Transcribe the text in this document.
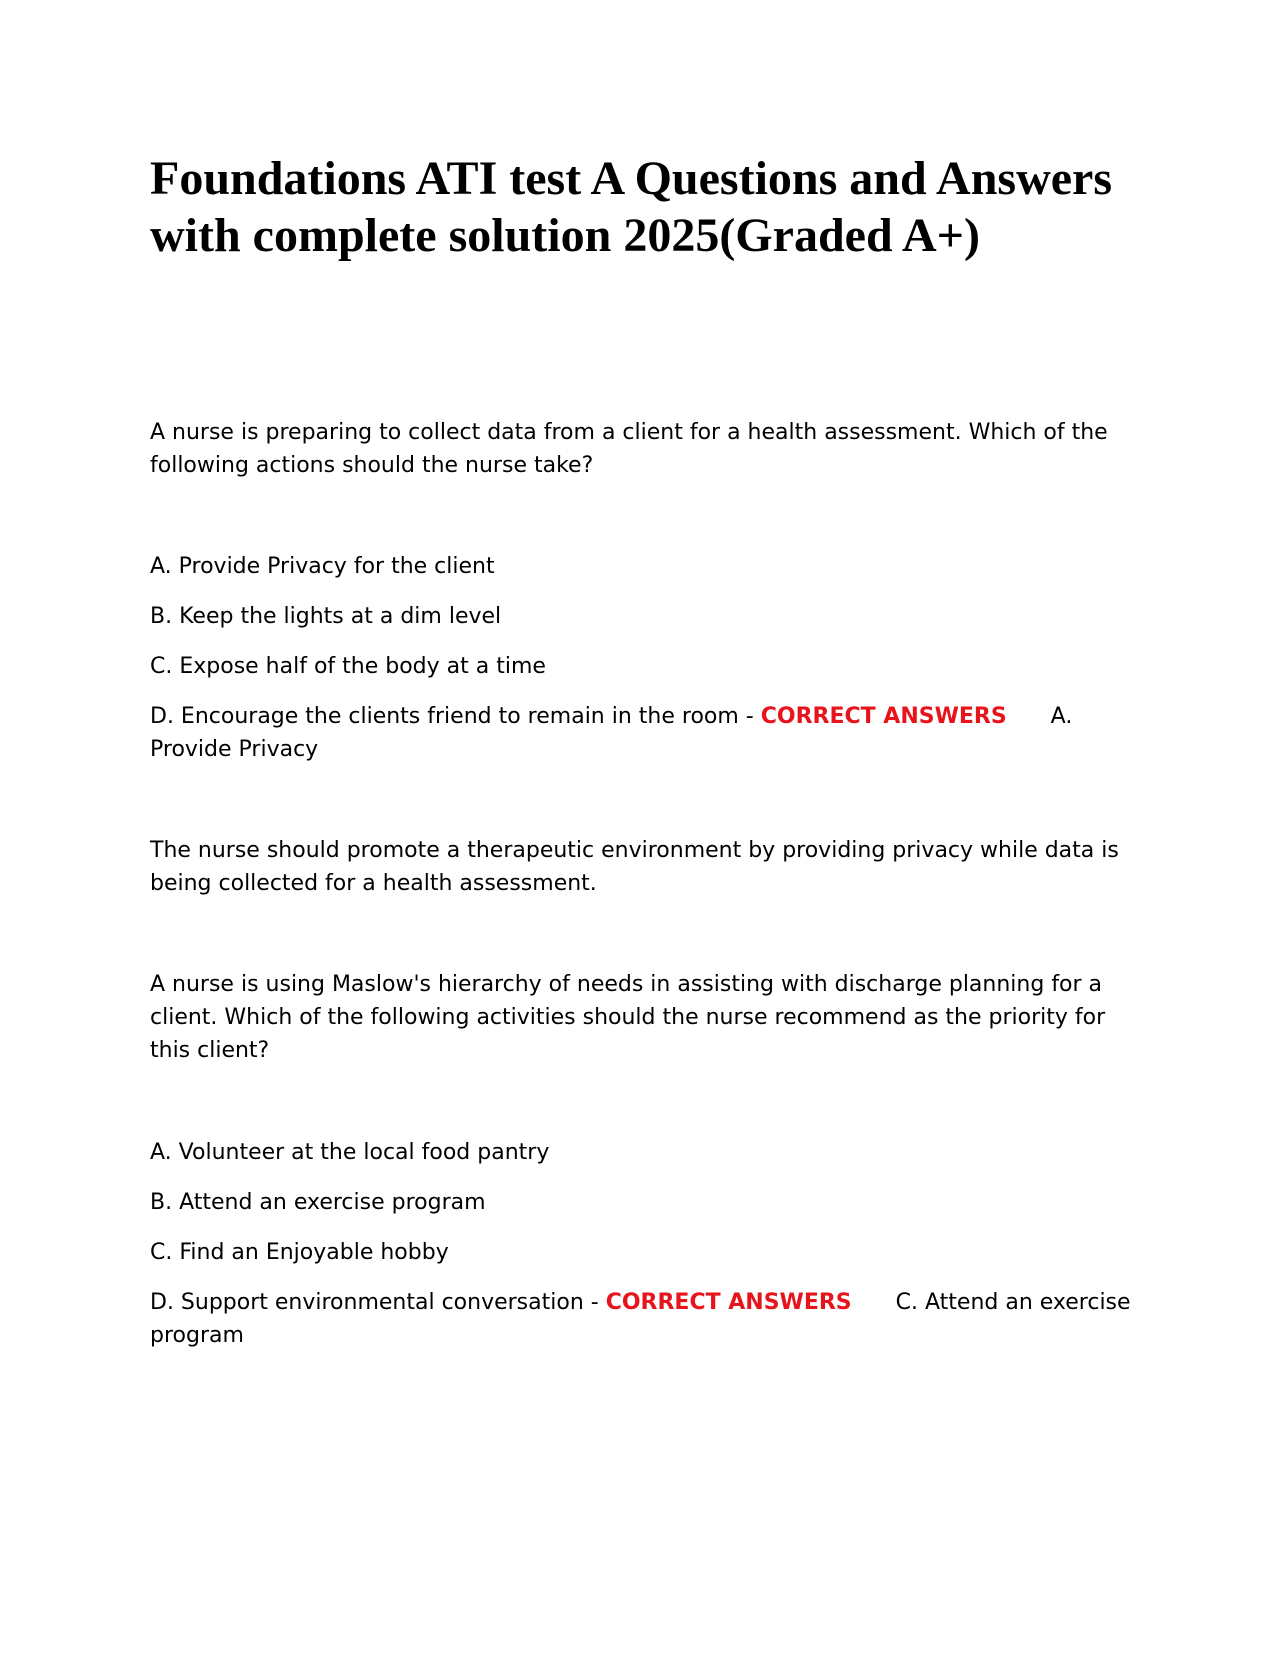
Foundations ATI test A Questions and Answers with complete solution 2025(Graded A+)

A nurse is preparing to collect data from a client for a health assessment. Which of the following actions should the nurse take?

A. Provide Privacy for the client

B. Keep the lights at a dim level

C. Expose half of the body at a time

D. Encourage the clients friend to remain in the room - CORRECT ANSWERS A. Provide Privacy

The nurse should promote a therapeutic environment by providing privacy while data is being collected for a health assessment.

A nurse is using Maslow's hierarchy of needs in assisting with discharge planning for a client. Which of the following activities should the nurse recommend as the priority for this client?

A. Volunteer at the local food pantry

B. Attend an exercise program

C. Find an Enjoyable hobby

D. Support environmental conversation - CORRECT ANSWERS C. Attend an exercise program
